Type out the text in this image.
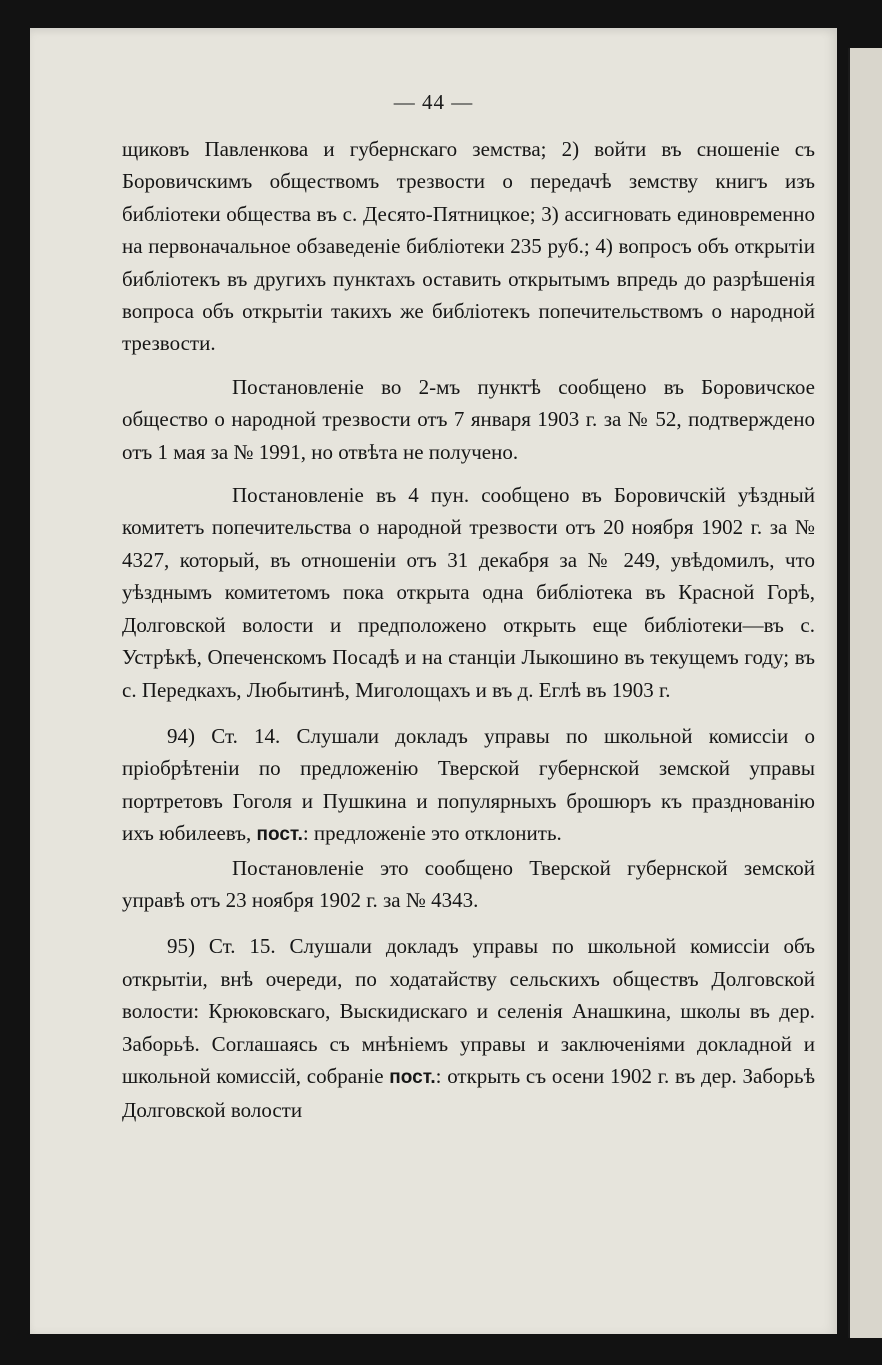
— 44 —

щиковъ Павленкова и губернскаго земства; 2) войти въ сношеніе съ Боровичскимъ обществомъ трезвости о передачѣ земству книгъ изъ библіотеки общества въ с. Десято-Пятницкое; 3) ассигновать единовременно на первоначальное обзаведеніе библіотеки 235 руб.; 4) вопросъ объ открытіи библіотекъ въ другихъ пунктахъ оставить открытымъ впредь до разрѣшенія вопроса объ открытіи такихъ же библіотекъ попечительствомъ о народной трезвости.

Постановленіе во 2-мъ пунктѣ сообщено въ Боровичское общество о народной трезвости отъ 7 января 1903 г. за № 52, подтверждено отъ 1 мая за № 1991, но отвѣта не получено.

Постановленіе въ 4 пун. сообщено въ Боровичскій уѣздный комитетъ попечительства о народной трезвости отъ 20 ноября 1902 г. за № 4327, который, въ отношеніи отъ 31 декабря за № 249, увѣдомилъ, что уѣзднымъ комитетомъ пока открыта одна библіотека въ Красной Горѣ, Долговской волости и предположено открыть еще библіотеки—въ с. Устрѣкѣ, Опеченскомъ Посадѣ и на станціи Лыкошино въ текущемъ году; въ с. Передкахъ, Любытинѣ, Миголощахъ и въ д. Еглѣ въ 1903 г.

94) Ст. 14. Слушали докладъ управы по школьной комиссіи о пріобрѣтеніи по предложенію Тверской губернской земской управы портретовъ Гоголя и Пушкина и популярныхъ брошюръ къ празднованію ихъ юбилеевъ, пост.: предложеніе это отклонить.

Постановленіе это сообщено Тверской губернской земской управѣ отъ 23 ноября 1902 г. за № 4343.

95) Ст. 15. Слушали докладъ управы по школьной комиссіи объ открытіи, внѣ очереди, по ходатайству сельскихъ обществъ Долговской волости: Крюковскаго, Выскидискаго и селенія Анашкина, школы въ дер. Заборьѣ. Соглашаясь съ мнѣніемъ управы и заключеніями докладной и школьной комиссій, собраніе пост.: открыть съ осени 1902 г. въ дер. Заборьѣ Долговской волости
